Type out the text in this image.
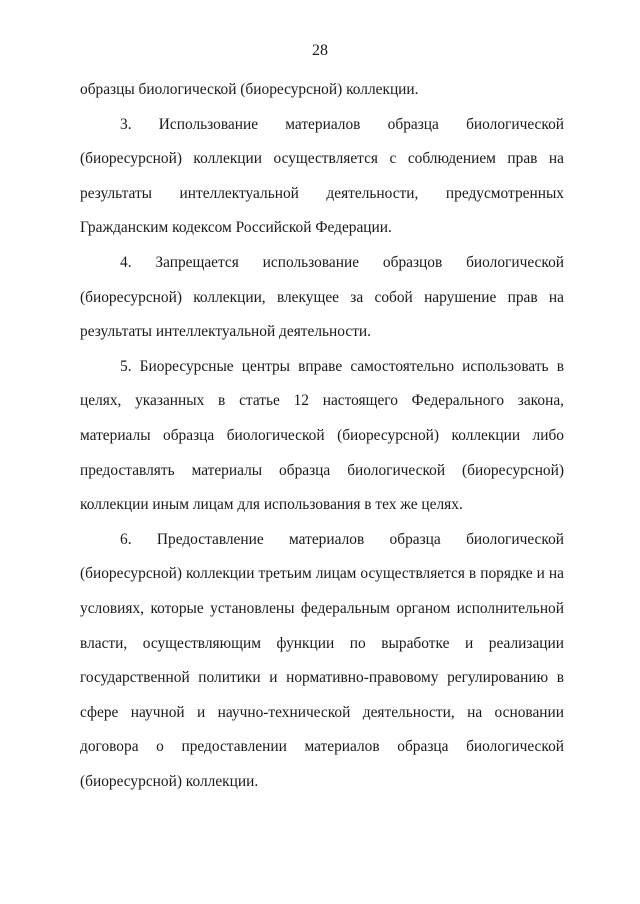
28

образцы биологической (биоресурсной) коллекции.

3. Использование материалов образца биологической (биоресурсной) коллекции осуществляется с соблюдением прав на результаты интеллектуальной деятельности, предусмотренных Гражданским кодексом Российской Федерации.

4. Запрещается использование образцов биологической (биоресурсной) коллекции, влекущее за собой нарушение прав на результаты интеллектуальной деятельности.

5. Биоресурсные центры вправе самостоятельно использовать в целях, указанных в статье 12 настоящего Федерального закона, материалы образца биологической (биоресурсной) коллекции либо предоставлять материалы образца биологической (биоресурсной) коллекции иным лицам для использования в тех же целях.

6. Предоставление материалов образца биологической (биоресурсной) коллекции третьим лицам осуществляется в порядке и на условиях, которые установлены федеральным органом исполнительной власти, осуществляющим функции по выработке и реализации государственной политики и нормативно-правовому регулированию в сфере научной и научно-технической деятельности, на основании договора о предоставлении материалов образца биологической (биоресурсной) коллекции.
